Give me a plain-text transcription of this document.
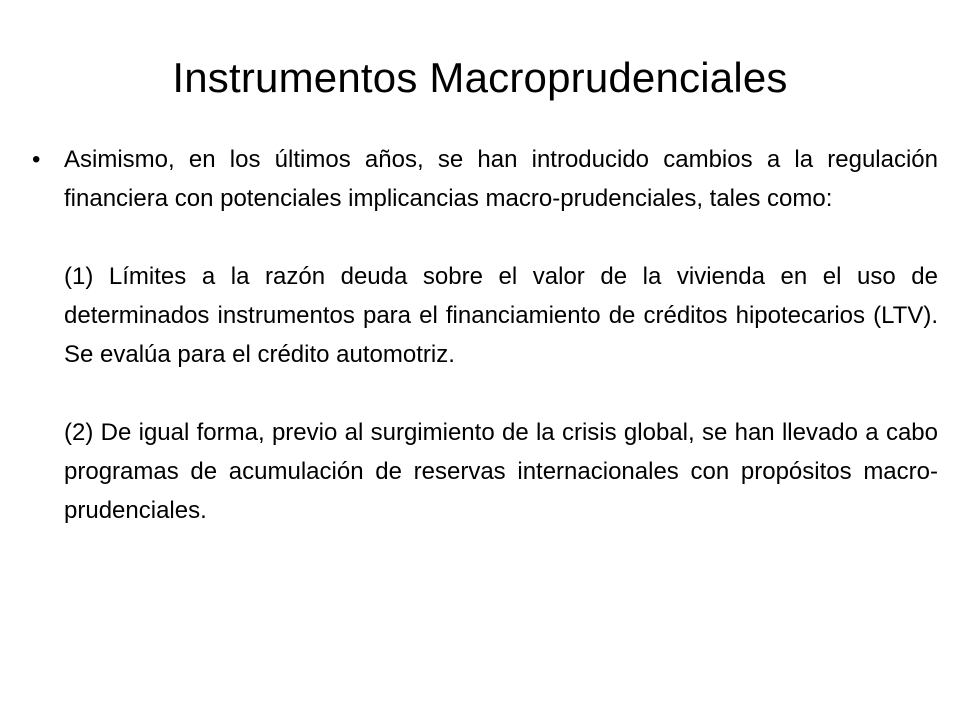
Instrumentos Macroprudenciales
• Asimismo, en los últimos años, se han introducido cambios a la regulación financiera con potenciales implicancias macro-prudenciales, tales como:

(1) Límites a la razón deuda sobre el valor de la vivienda en el uso de determinados instrumentos para el financiamiento de créditos hipotecarios (LTV). Se evalúa para el crédito automotriz.

(2) De igual forma, previo al surgimiento de la crisis global, se han llevado a cabo programas de acumulación de reservas internacionales con propósitos macro-prudenciales.
